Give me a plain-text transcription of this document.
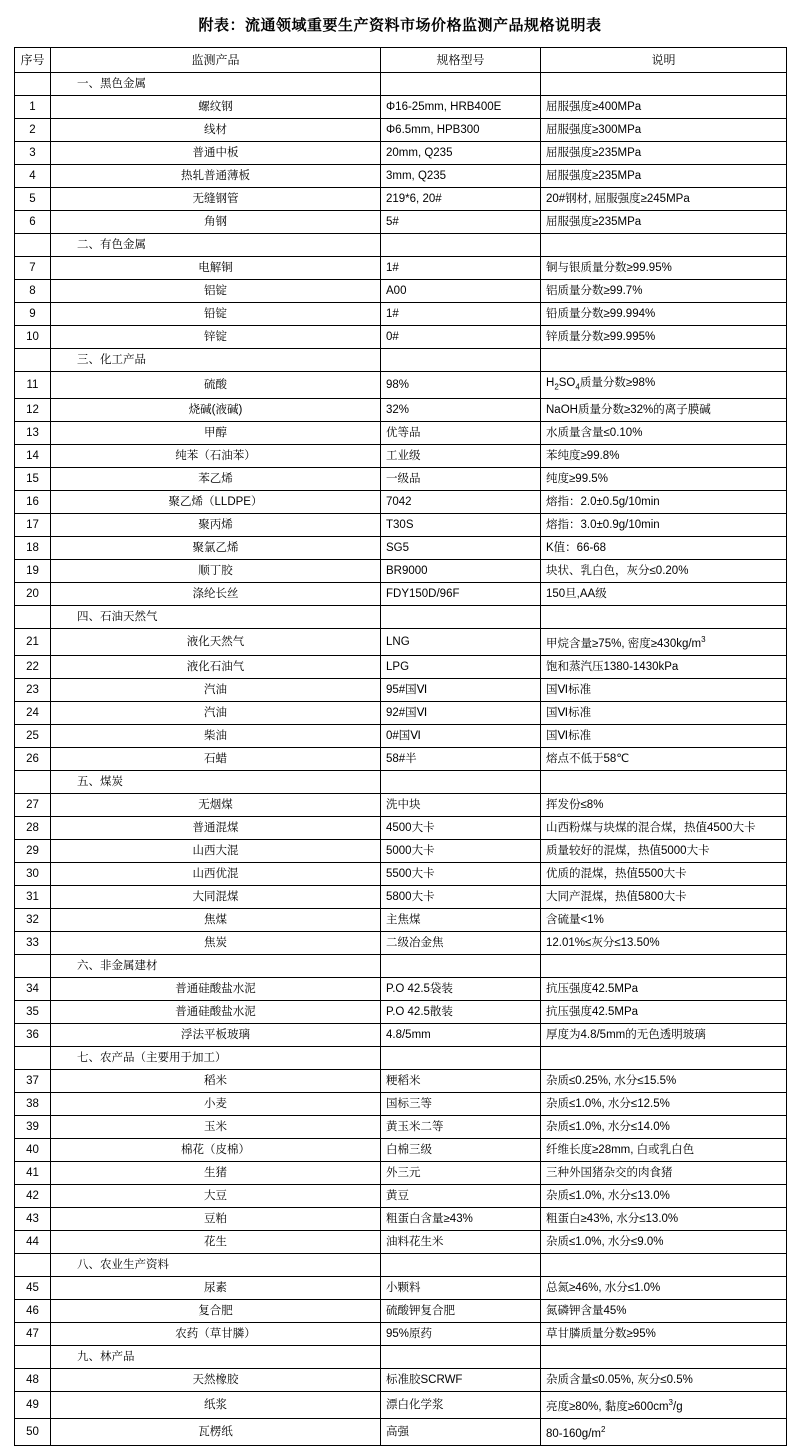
附表：流通领域重要生产资料市场价格监测产品规格说明表
序号	监测产品	规格型号	说明
	一、黑色金属		
1	螺纹钢	Φ16-25mm, HRB400E	屈服强度≥400MPa
2	线材	Φ6.5mm, HPB300	屈服强度≥300MPa
3	普通中板	20mm, Q235	屈服强度≥235MPa
4	热轧普通薄板	3mm, Q235	屈服强度≥235MPa
5	无缝钢管	219*6, 20#	20#钢材, 屈服强度≥245MPa
6	角钢	5#	屈服强度≥235MPa
	二、有色金属		
7	电解铜	1#	铜与银质量分数≥99.95%
8	铝锭	A00	铝质量分数≥99.7%
9	铅锭	1#	铅质量分数≥99.994%
10	锌锭	0#	锌质量分数≥99.995%
	三、化工产品		
11	硫酸	98%	$H_2SO_4$质量分数≥98%
12	烧碱(液碱)	32%	NaOH质量分数≥32%的离子膜碱
13	甲醇	优等品	水质量含量≤0.10%
14	纯苯（石油苯）	工业级	苯纯度≥99.8%
15	苯乙烯	一级品	纯度≥99.5%
16	聚乙烯（LLDPE）	7042	熔指：2.0±0.5g/10min
17	聚丙烯	T30S	熔指：3.0±0.9g/10min
18	聚氯乙烯	SG5	K值：66-68
19	顺丁胶	BR9000	块状、乳白色，灰分≤0.20%
20	涤纶长丝	FDY150D/96F	150旦,AA级
	四、石油天然气		
21	液化天然气	LNG	甲烷含量≥75%, 密度$\ge 430kg/m^3$
22	液化石油气	LPG	饱和蒸汽压1380-1430kPa
23	汽油	95#国Ⅵ	国Ⅵ标准
24	汽油	92#国Ⅵ	国Ⅵ标准
25	柴油	0#国Ⅵ	国Ⅵ标准
26	石蜡	58#半	熔点不低于58℃
	五、煤炭		
27	无烟煤	洗中块	挥发份≤8%
28	普通混煤	4500大卡	山西粉煤与块煤的混合煤，热值4500大卡
29	山西大混	5000大卡	质量较好的混煤，热值5000大卡
30	山西优混	5500大卡	优质的混煤，热值5500大卡
31	大同混煤	5800大卡	大同产混煤，热值5800大卡
32	焦煤	主焦煤	含硫量<1%
33	焦炭	二级冶金焦	12.01%≤灰分≤13.50%
	六、非金属建材		
34	普通硅酸盐水泥	P.O 42.5袋装	抗压强度42.5MPa
35	普通硅酸盐水泥	P.O 42.5散装	抗压强度42.5MPa
36	浮法平板玻璃	4.8/5mm	厚度为4.8/5mm的无色透明玻璃
	七、农产品（主要用于加工）		
37	稻米	粳稻米	杂质≤0.25%, 水分≤15.5%
38	小麦	国标三等	杂质≤1.0%, 水分≤12.5%
39	玉米	黄玉米二等	杂质≤1.0%, 水分≤14.0%
40	棉花（皮棉）	白棉三级	纤维长度≥28mm, 白或乳白色
41	生猪	外三元	三种外国猪杂交的肉食猪
42	大豆	黄豆	杂质≤1.0%, 水分≤13.0%
43	豆粕	粗蛋白含量≥43%	粗蛋白≥43%, 水分≤13.0%
44	花生	油料花生米	杂质≤1.0%, 水分≤9.0%
	八、农业生产资料		
45	尿素	小颗料	总氮≥46%, 水分≤1.0%
46	复合肥	硫酸钾复合肥	氮磷钾含量45%
47	农药（草甘膦）	95%原药	草甘膦质量分数≥95%
	九、林产品		
48	天然橡胶	标准胶SCRWF	杂质含量≤0.05%, 灰分≤0.5%
49	纸浆	漂白化学浆	亮度≥80%, 黏度$\ge 600cm^3/g$
50	瓦楞纸	高强	$80-160g/m^2$
